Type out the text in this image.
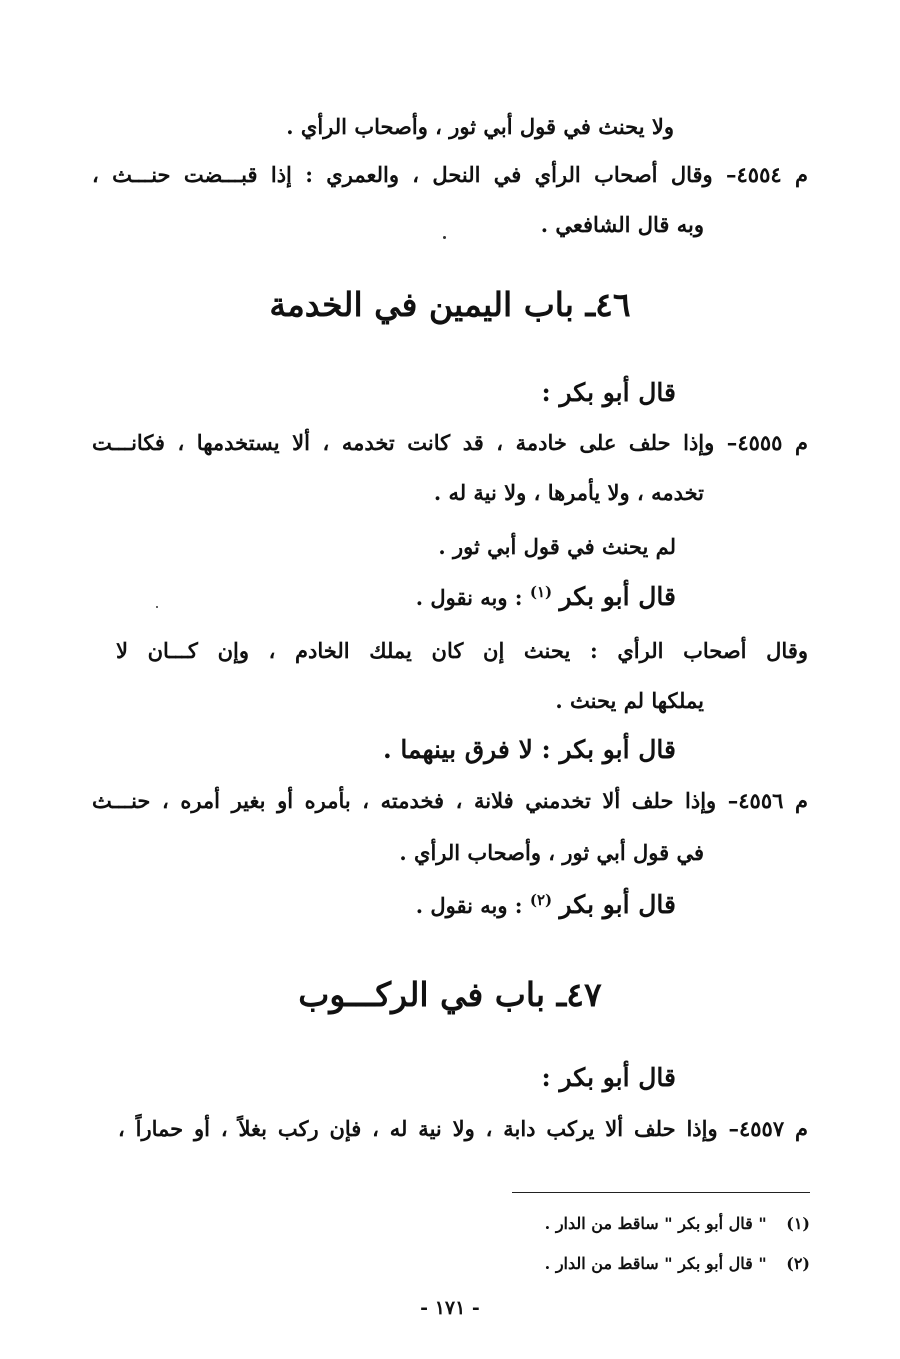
ولا يحنث في قول أبي ثور ، وأصحاب الرأي .
م ٤٥٥٤– وقال أصحاب الرأي في النحل ، والعمري : إذا قبـــضت حنـــث ،
وبه قال الشافعي .
٤٦ـ باب اليمين في الخدمة
قال أبو بكر :
م ٤٥٥٥– وإذا حلف على خادمة ، قد كانت تخدمه ، ألا يستخدمها ، فكانـــت
تخدمه ، ولا يأمرها ، ولا نية له .
لم يحنث في قول أبي ثور .
قال أبو بكر $^{(١)}$ : وبه نقول .
وقال أصحاب الرأي : يحنث إن كان يملك الخادم ، وإن كـــان لا
يملكها لم يحنث .
قال أبو بكر : لا فرق بينهما .
م ٤٥٥٦– وإذا حلف ألا تخدمني فلانة ، فخدمته ، بأمره أو بغير أمره ، حنـــث
في قول أبي ثور ، وأصحاب الرأي .
قال أبو بكر $^{(٢)}$ : وبه نقول .
٤٧ـ باب في الركـــوب
قال أبو بكر :
م ٤٥٥٧– وإذا حلف ألا يركب دابة ، ولا نية له ، فإن ركب بغلاً ، أو حماراً ،
(١) " قال أبو بكر " ساقط من الدار .
(٢) " قال أبو بكر " ساقط من الدار .
- ١٧١ -
